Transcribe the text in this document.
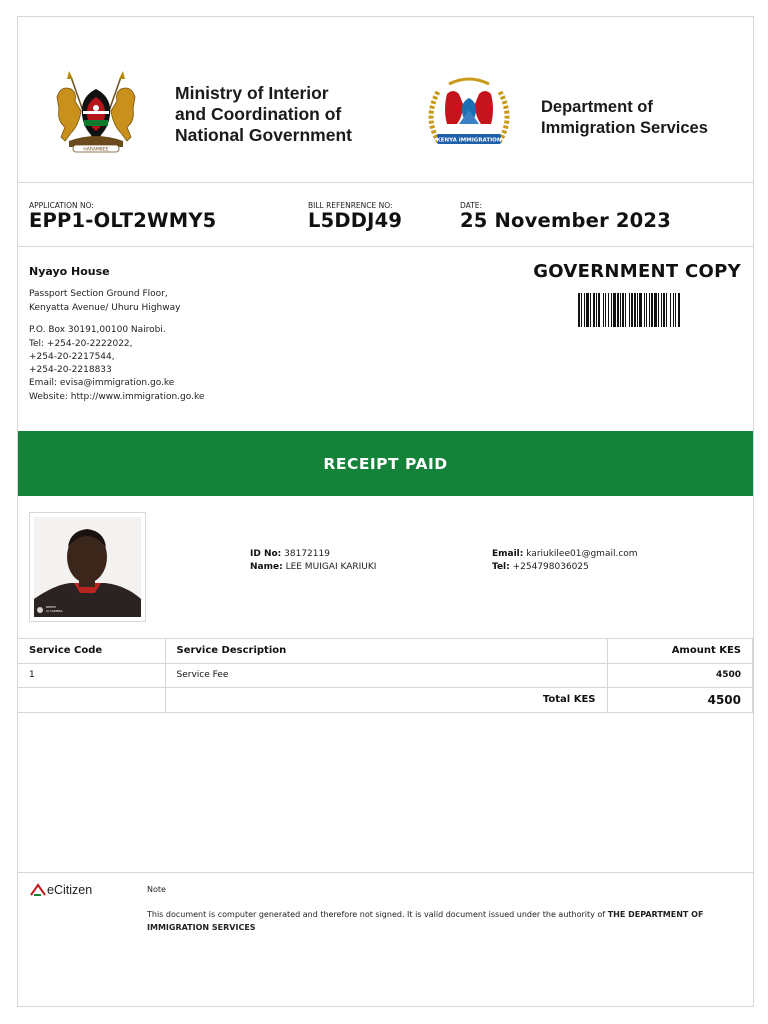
HARAMBEE
Ministry of Interior
and Coordination of
National Government	KENYA IMMIGRATION
Department of
Immigration Services
APPLICATION NO:
EPP1-OLT2WMY5
BILL REFENRENCE NO:
L5DDJ49
DATE:
25 November 2023
Nyayo House
Passport Section Ground Floor,
Kenyatta Avenue/ Uhuru Highway
P.O. Box 30191,00100 Nairobi.
Tel: +254-20-2222022,
+254-20-2217544,
+254-20-2218833
Email: evisa@immigration.go.ke
Website: http://www.immigration.go.ke
GOVERNMENT COPY
RECEIPT PAID
REDMI
AI CAMERA
ID No: 38172119
Name: LEE MUIGAI KARIUKI
Email: kariukilee01@gmail.com
Tel: +254798036025
Service Code	Service Description	Amount KES
1	Service Fee	4500
	Total KES	4500
eCitizen	Note
This document is computer generated and therefore not signed. It is valid document issued under the authority of THE DEPARTMENT OF IMMIGRATION SERVICES
